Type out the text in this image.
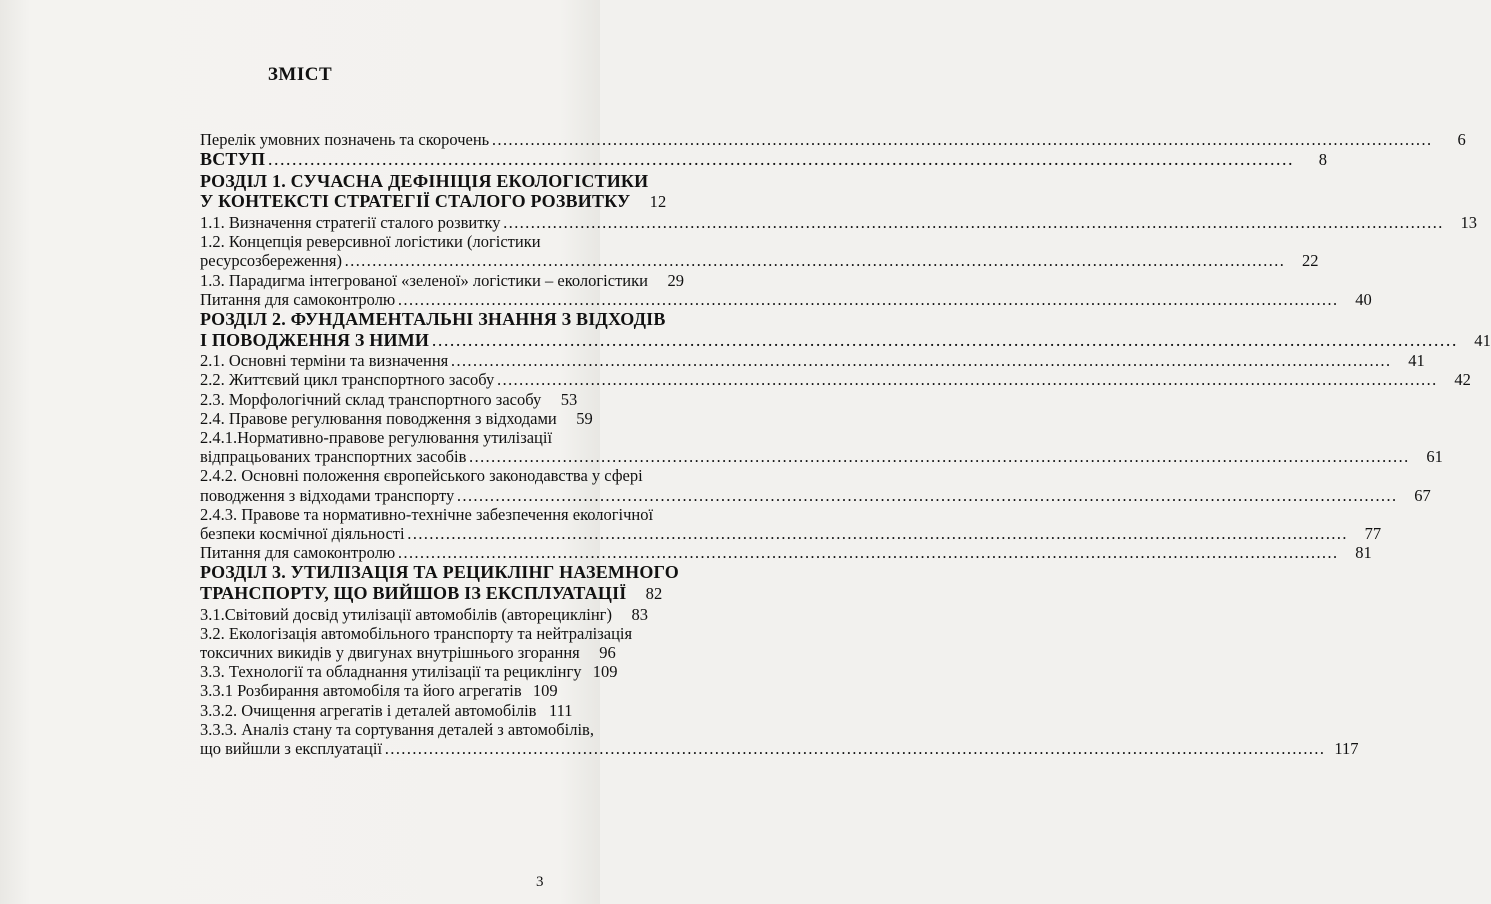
ЗМІСТ
Перелік умовних позначень та скорочень ………………………………………………………………………………………………………………………………………………………	6
ВСТУП ………………………………………………………………………………………………………………………………………………………	8
РОЗДІЛ 1. СУЧАСНА ДЕФІНІЦІЯ ЕКОЛОГІСТИКИ
У КОНТЕКСТІ СТРАТЕГІЇ СТАЛОГО РОЗВИТКУ	12
1.1. Визначення стратегії сталого розвитку ………………………………………………………………………………………………………………………………………………………	13
1.2. Концепція реверсивної логістики (логістики
ресурсозбереження) ………………………………………………………………………………………………………………………………………………………	22
1.3. Парадигма інтегрованої «зеленої» логістики – екологістики	29
Питання для самоконтролю ………………………………………………………………………………………………………………………………………………………	40
РОЗДІЛ 2. ФУНДАМЕНТАЛЬНІ ЗНАННЯ З ВІДХОДІВ
І ПОВОДЖЕННЯ З НИМИ ………………………………………………………………………………………………………………………………………………………	41
2.1. Основні терміни та визначення ………………………………………………………………………………………………………………………………………………………	41
2.2. Життєвий цикл транспортного засобу ………………………………………………………………………………………………………………………………………………………	42
2.3. Морфологічний склад транспортного засобу	53
2.4. Правове регулювання поводження з відходами	59
2.4.1.Нормативно-правове регулювання утилізації
відпрацьованих транспортних засобів ………………………………………………………………………………………………………………………………………………………	61
2.4.2. Основні положення європейського законодавства у сфері
поводження з відходами транспорту ………………………………………………………………………………………………………………………………………………………	67
2.4.3. Правове та нормативно-технічне забезпечення екологічної
безпеки космічної діяльності ………………………………………………………………………………………………………………………………………………………	77
Питання для самоконтролю ………………………………………………………………………………………………………………………………………………………	81
РОЗДІЛ 3. УТИЛІЗАЦІЯ ТА РЕЦИКЛІНГ НАЗЕМНОГО
ТРАНСПОРТУ, ЩО ВИЙШОВ ІЗ ЕКСПЛУАТАЦІЇ	82
3.1.Світовий досвід утилізації автомобілів (авторециклінг)	83
3.2. Екологізація автомобільного транспорту та нейтралізація
токсичних викидів у двигунах внутрішнього згорання	96
3.3. Технології та обладнання утилізації та рециклінгу 109
3.3.1 Розбирання автомобіля та його агрегатів 109
3.3.2. Очищення агрегатів і деталей автомобілів 111
3.3.3. Аналіз стану та сортування деталей з автомобілів,
що вийшли з експлуатації ………………………………………………………………………………………………………………………………………………………	117
3
